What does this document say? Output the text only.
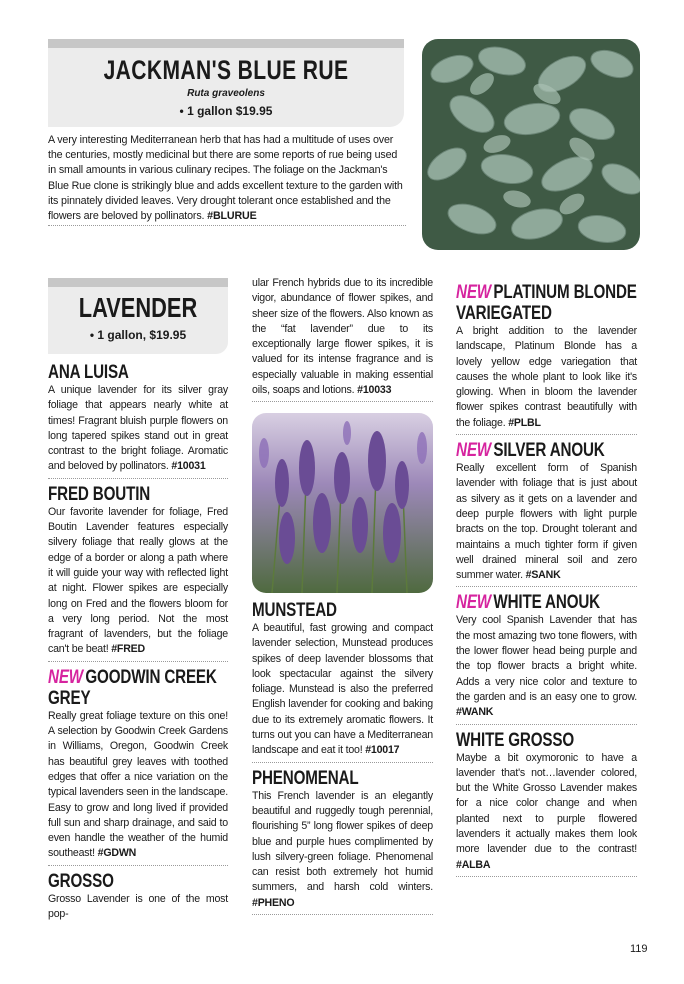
JACKMAN'S BLUE RUE
Ruta graveolens
• 1 gallon $19.95

A very interesting Mediterranean herb that has had a multitude of uses over the centuries, mostly medicinal but there are some reports of rue being used in small amounts in various culinary recipes. The foliage on the Jackman's Blue Rue clone is strikingly blue and adds excellent texture to the garden with its pinnately divided leaves. Very drought tolerant once established and the flowers are beloved by pollinators. #BLURUE

LAVENDER
• 1 gallon, $19.95
ANA LUISA

A unique lavender for its silver gray foliage that appears nearly white at times! Fragrant bluish purple flowers on long tapered spikes stand out in great contrast to the bright foliage. Aromatic and beloved by pollinators. #10031

FRED BOUTIN

Our favorite lavender for foliage, Fred Boutin Lavender features especially silvery foliage that really glows at the edge of a border or along a path where it will guide your way with reflected light at night. Flower spikes are especially long on Fred and the flowers bloom for a very long period. Not the most fragrant of lavenders, but the foliage can't be beat! #FRED

NEW GOODWIN CREEK
GREY

Really great foliage texture on this one! A selection by Goodwin Creek Gardens in Williams, Oregon, Goodwin Creek has beautiful grey leaves with toothed edges that offer a nice variation on the typical lavenders seen in the landscape. Easy to grow and long lived if provided full sun and sharp drainage, and said to even handle the weather of the humid southeast! #GDWN

GROSSO

Grosso Lavender is one of the most pop-

ular French hybrids due to its incredible vigor, abundance of flower spikes, and sheer size of the flowers. Also known as the “fat lavender” due to its exceptionally large flower spikes, it is valued for its intense fragrance and is especially valuable in making essential oils, soaps and lotions. #10033

MUNSTEAD

A beautiful, fast growing and compact lavender selection, Munstead produces spikes of deep lavender blossoms that look spectacular against the silvery foliage. Munstead is also the preferred English lavender for cooking and baking due to its extremely aromatic flowers. It turns out you can have a Mediterranean landscape and eat it too! #10017

PHENOMENAL

This French lavender is an elegantly beautiful and ruggedly tough perennial, flourishing 5” long flower spikes of deep blue and purple hues complimented by lush silvery-green foliage. Phenomenal can resist both extremely hot humid summers, and harsh cold winters. #PHENO

NEW PLATINUM BLONDE
VARIEGATED

A bright addition to the lavender landscape, Platinum Blonde has a lovely yellow edge variegation that causes the whole plant to look like it's glowing. When in bloom the lavender flower spikes contrast beautifully with the foliage. #PLBL

NEW SILVER ANOUK

Really excellent form of Spanish lavender with foliage that is just about as silvery as it gets on a lavender and deep purple flowers with light purple bracts on the top. Drought tolerant and maintains a much tighter form if given well drained mineral soil and zero summer water. #SANK

NEW WHITE ANOUK

Very cool Spanish Lavender that has the most amazing two tone flowers, with the lower flower head being purple and the top flower bracts a bright white. Adds a very nice color and texture to the garden and is an easy one to grow. #WANK

WHITE GROSSO

Maybe a bit oxymoronic to have a lavender that's not…lavender colored, but the White Grosso Lavender makes for a nice color change and when planted next to purple flowered lavenders it actually makes them look more lavender due to the contrast! #ALBA

119
